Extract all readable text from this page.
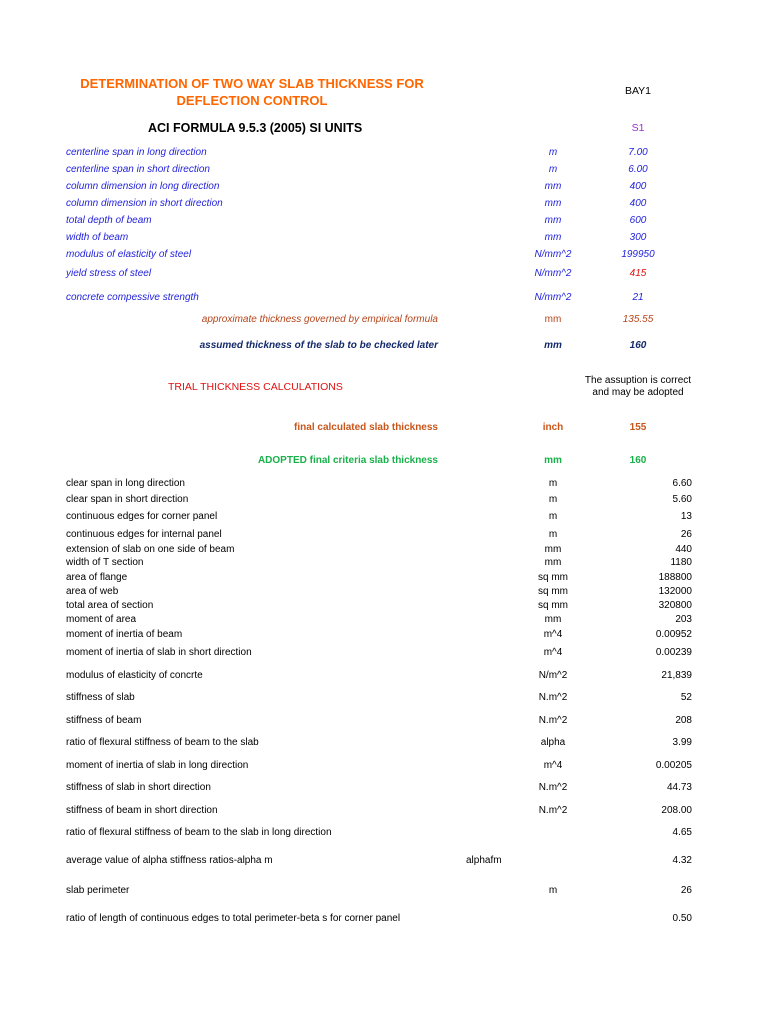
DETERMINATION OF TWO WAY SLAB THICKNESS FOR
DEFLECTION CONTROL
BAY1
ACI FORMULA 9.5.3 (2005) SI UNITS	S1
centerline span in long direction	m	7.00
centerline span in short direction	m	6.00
column dimension in long direction	mm	400
column dimension in short direction	mm	400
total depth of beam	mm	600
width of beam	mm	300
modulus of elasticity of steel	N/mm^2	199950
yield stress of steel	N/mm^2	415
concrete compessive strength	N/mm^2	21
approximate thickness governed by empirical formula	mm	135.55
assumed thickness of the slab to be checked later	mm	160
TRIAL THICKNESS CALCULATIONS
The assuption is correct
and may be adopted
final calculated slab thickness	inch	155
ADOPTED final criteria slab thickness	mm	160
clear span in long direction	m	6.60
clear span in short direction	m	5.60
continuous edges for corner panel	m	13
continuous edges for internal panel	m	26
extension of slab on one side of beam	mm	440
width of T section	mm	1180
area of flange	sq mm	188800
area of web	sq mm	132000
total area of section	sq mm	320800
moment of area	mm	203
moment of inertia of beam	m^4	0.00952
moment of inertia of slab in short direction	m^4	0.00239
modulus of elasticity of concrte	N/m^2	21,839
stiffness of slab	N.m^2	52
stiffness of beam	N.m^2	208
ratio of flexural stiffness of beam to the slab	alpha	3.99
moment of inertia of slab in long direction	m^4	0.00205
stiffness of slab in short direction	N.m^2	44.73
stiffness of beam in short direction	N.m^2	208.00
ratio of flexural stiffness of beam to the slab in long direction	4.65
average value of alpha stiffness ratios-alpha m	alphafm	4.32
slab perimeter	m	26
ratio of length of continuous edges to total perimeter-beta s for corner panel	0.50
